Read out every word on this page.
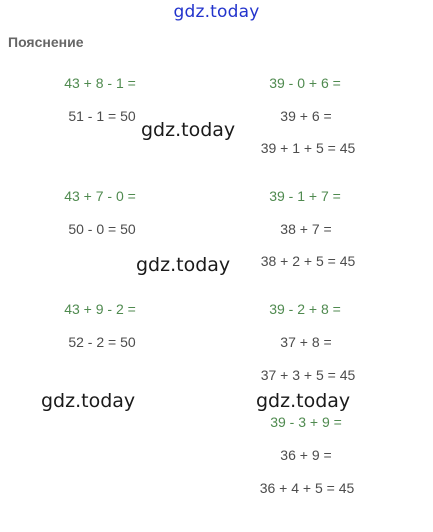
gdz.today
Пояснение
43 + 8 - 1 =
51 - 1 = 50
39 - 0 + 6 =
39 + 6 =
39 + 1 + 5 = 45
43 + 7 - 0 =
50 - 0 = 50
39 - 1 + 7 =
38 + 7 =
38 + 2 + 5 = 45
43 + 9 - 2 =
52 - 2 = 50
39 - 2 + 8 =
37 + 8 =
37 + 3 + 5 = 45
39 - 3 + 9 =
36 + 9 =
36 + 4 + 5 = 45
gdz.today
gdz.today
gdz.today	gdz.today
